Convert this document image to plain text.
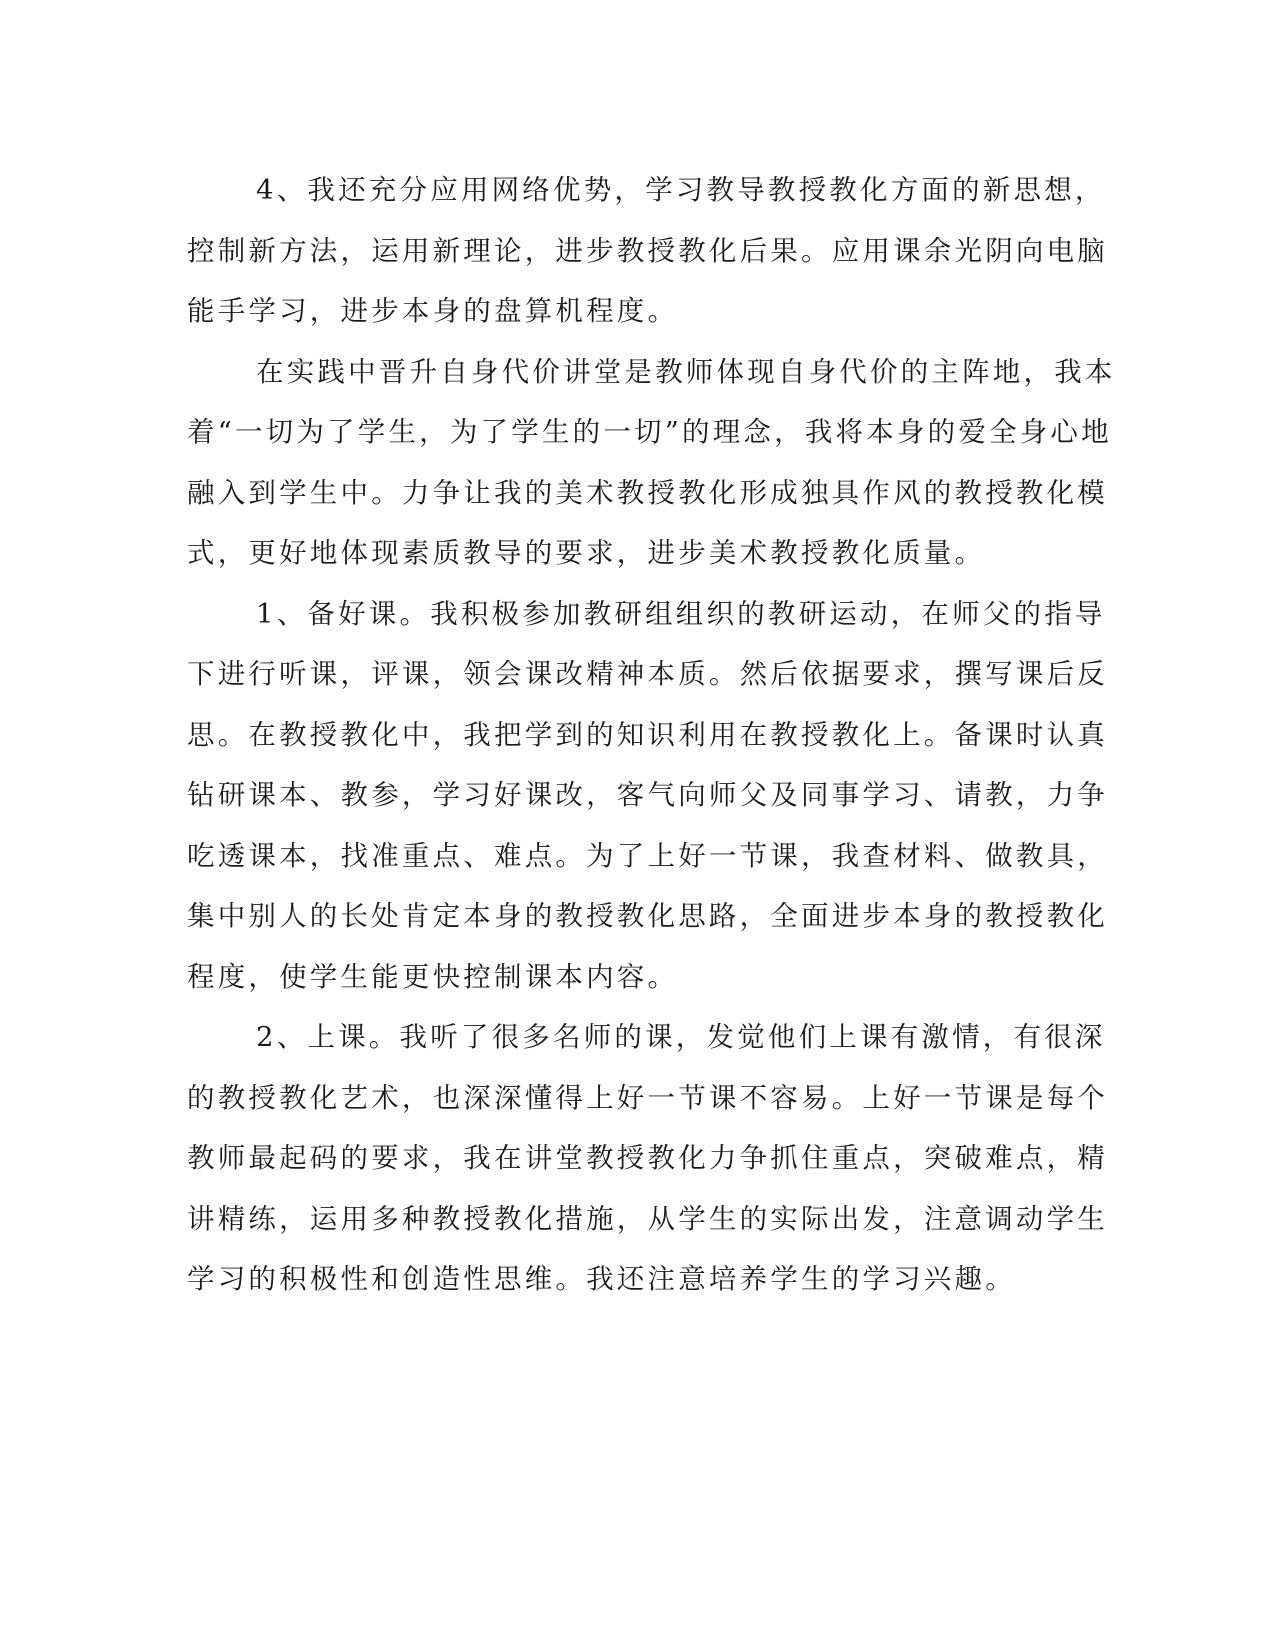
4、我还充分应用网络优势，学习教导教授教化方面的新思想，
控制新方法，运用新理论，进步教授教化后果。应用课余光阴向电脑
能手学习，进步本身的盘算机程度。
在实践中晋升自身代价讲堂是教师体现自身代价的主阵地，我本
着“一切为了学生，为了学生的一切”的理念，我将本身的爱全身心地
融入到学生中。力争让我的美术教授教化形成独具作风的教授教化模
式，更好地体现素质教导的要求，进步美术教授教化质量。
1、备好课。我积极参加教研组组织的教研运动，在师父的指导
下进行听课，评课，领会课改精神本质。然后依据要求，撰写课后反
思。在教授教化中，我把学到的知识利用在教授教化上。备课时认真
钻研课本、教参，学习好课改，客气向师父及同事学习、请教，力争
吃透课本，找准重点、难点。为了上好一节课，我查材料、做教具，
集中别人的长处肯定本身的教授教化思路，全面进步本身的教授教化
程度，使学生能更快控制课本内容。
2、上课。我听了很多名师的课，发觉他们上课有激情，有很深
的教授教化艺术，也深深懂得上好一节课不容易。上好一节课是每个
教师最起码的要求，我在讲堂教授教化力争抓住重点，突破难点，精
讲精练，运用多种教授教化措施，从学生的实际出发，注意调动学生
学习的积极性和创造性思维。我还注意培养学生的学习兴趣。
